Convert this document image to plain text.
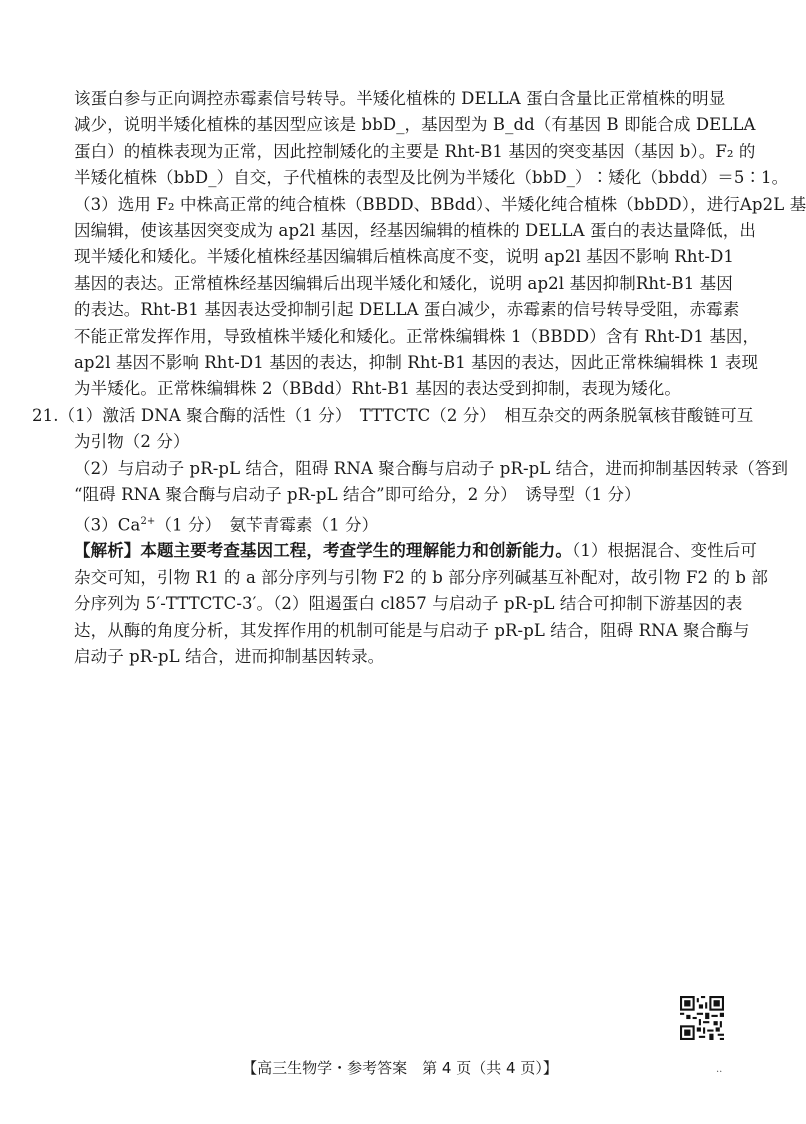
该蛋白参与正向调控赤霉素信号转导。半矮化植株的 DELLA 蛋白含量比正常植株的明显
减少，说明半矮化植株的基因型应该是 bbD_，基因型为 B_dd（有基因 B 即能合成 DELLA
蛋白）的植株表现为正常，因此控制矮化的主要是 Rht-B1 基因的突变基因（基因 b）。F₂ 的
半矮化植株（bbD_）自交，子代植株的表型及比例为半矮化（bbD_）∶矮化（bbdd）＝5∶1。
（3）选用 F₂ 中株高正常的纯合植株（BBDD、BBdd）、半矮化纯合植株（bbDD），进行Ap2L 基
因编辑，使该基因突变成为 ap2l 基因，经基因编辑的植株的 DELLA 蛋白的表达量降低，出
现半矮化和矮化。半矮化植株经基因编辑后植株高度不变，说明 ap2l 基因不影响 Rht-D1
基因的表达。正常植株经基因编辑后出现半矮化和矮化，说明 ap2l 基因抑制Rht-B1 基因
的表达。Rht-B1 基因表达受抑制引起 DELLA 蛋白减少，赤霉素的信号转导受阻，赤霉素
不能正常发挥作用，导致植株半矮化和矮化。正常株编辑株 1（BBDD）含有 Rht-D1 基因，
ap2l 基因不影响 Rht-D1 基因的表达，抑制 Rht-B1 基因的表达，因此正常株编辑株 1 表现
为半矮化。正常株编辑株 2（BBdd）Rht-B1 基因的表达受到抑制，表现为矮化。
21.（1）激活 DNA 聚合酶的活性（1 分）　TTTCTC（2 分）　相互杂交的两条脱氧核苷酸链可互
为引物（2 分）
（2）与启动子 pR-pL 结合，阻碍 RNA 聚合酶与启动子 pR-pL 结合，进而抑制基因转录（答到
“阻碍 RNA 聚合酶与启动子 pR-pL 结合”即可给分，2 分）　诱导型（1 分）
$(3)Ca^{2+}(1$ 分）　氨苄青霉素（1 分）
【解析】本题主要考查基因工程，考查学生的理解能力和创新能力。（1）根据混合、变性后可
杂交可知，引物 R1 的 a 部分序列与引物 F2 的 b 部分序列碱基互补配对，故引物 F2 的 b 部
分序列为 5′-TTTCTC-3′。（2）阻遏蛋白 cl857 与启动子 pR-pL 结合可抑制下游基因的表
达，从酶的角度分析，其发挥作用的机制可能是与启动子 pR-pL 结合，阻碍 RNA 聚合酶与
启动子 pR-pL 结合，进而抑制基因转录。
【高三生物学・参考答案　第 4 页（共 4 页）】	..
